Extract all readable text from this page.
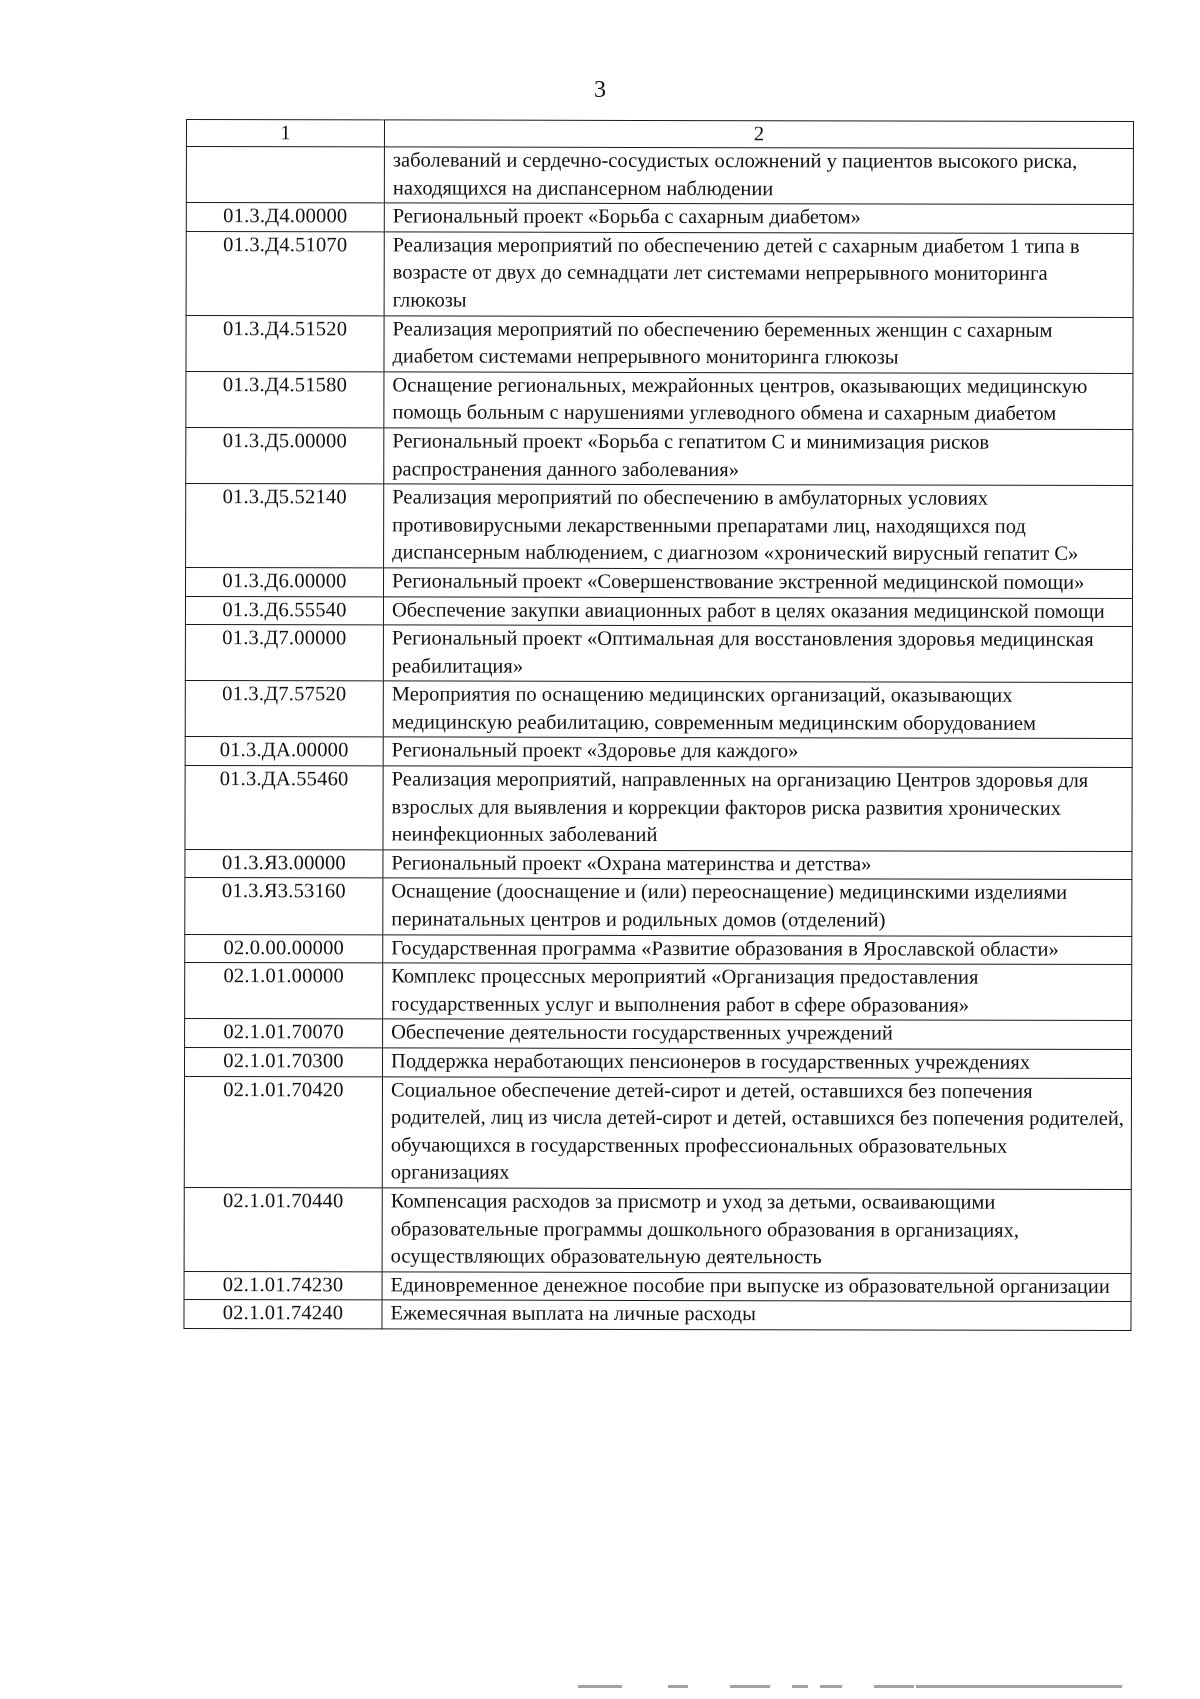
3
1	2
	заболеваний и сердечно-сосудистых осложнений у пациентов высокого риска, находящихся на диспансерном наблюдении
01.3.Д4.00000	Региональный проект «Борьба с сахарным диабетом»
01.3.Д4.51070	Реализация мероприятий по обеспечению детей с сахарным диабетом 1 типа в возрасте от двух до семнадцати лет системами непрерывного мониторинга глюкозы
01.3.Д4.51520	Реализация мероприятий по обеспечению беременных женщин с сахарным диабетом системами непрерывного мониторинга глюкозы
01.3.Д4.51580	Оснащение региональных, межрайонных центров, оказывающих медицинскую помощь больным с нарушениями углеводного обмена и сахарным диабетом
01.3.Д5.00000	Региональный проект «Борьба с гепатитом С и минимизация рисков распространения данного заболевания»
01.3.Д5.52140	Реализация мероприятий по обеспечению в амбулаторных условиях противовирусными лекарственными препаратами лиц, находящихся под диспансерным наблюдением, с диагнозом «хронический вирусный гепатит С»
01.3.Д6.00000	Региональный проект «Совершенствование экстренной медицинской помощи»
01.3.Д6.55540	Обеспечение закупки авиационных работ в целях оказания медицинской помощи
01.3.Д7.00000	Региональный проект «Оптимальная для восстановления здоровья медицинская реабилитация»
01.3.Д7.57520	Мероприятия по оснащению медицинских организаций, оказывающих медицинскую реабилитацию, современным медицинским оборудованием
01.3.ДА.00000	Региональный проект «Здоровье для каждого»
01.3.ДА.55460	Реализация мероприятий, направленных на организацию Центров здоровья для взрослых для выявления и коррекции факторов риска развития хронических неинфекционных заболеваний
01.3.Я3.00000	Региональный проект «Охрана материнства и детства»
01.3.Я3.53160	Оснащение (дооснащение и (или) переоснащение) медицинскими изделиями перинатальных центров и родильных домов (отделений)
02.0.00.00000	Государственная программа «Развитие образования в Ярославской области»
02.1.01.00000	Комплекс процессных мероприятий «Организация предоставления государственных услуг и выполнения работ в сфере образования»
02.1.01.70070	Обеспечение деятельности государственных учреждений
02.1.01.70300	Поддержка неработающих пенсионеров в государственных учреждениях
02.1.01.70420	Социальное обеспечение детей-сирот и детей, оставшихся без попечения родителей, лиц из числа детей-сирот и детей, оставшихся без попечения родителей, обучающихся в государственных профессиональных образовательных организациях
02.1.01.70440	Компенсация расходов за присмотр и уход за детьми, осваивающими образовательные программы дошкольного образования в организациях, осуществляющих образовательную деятельность
02.1.01.74230	Единовременное денежное пособие при выпуске из образовательной организации
02.1.01.74240	Ежемесячная выплата на личные расходы
